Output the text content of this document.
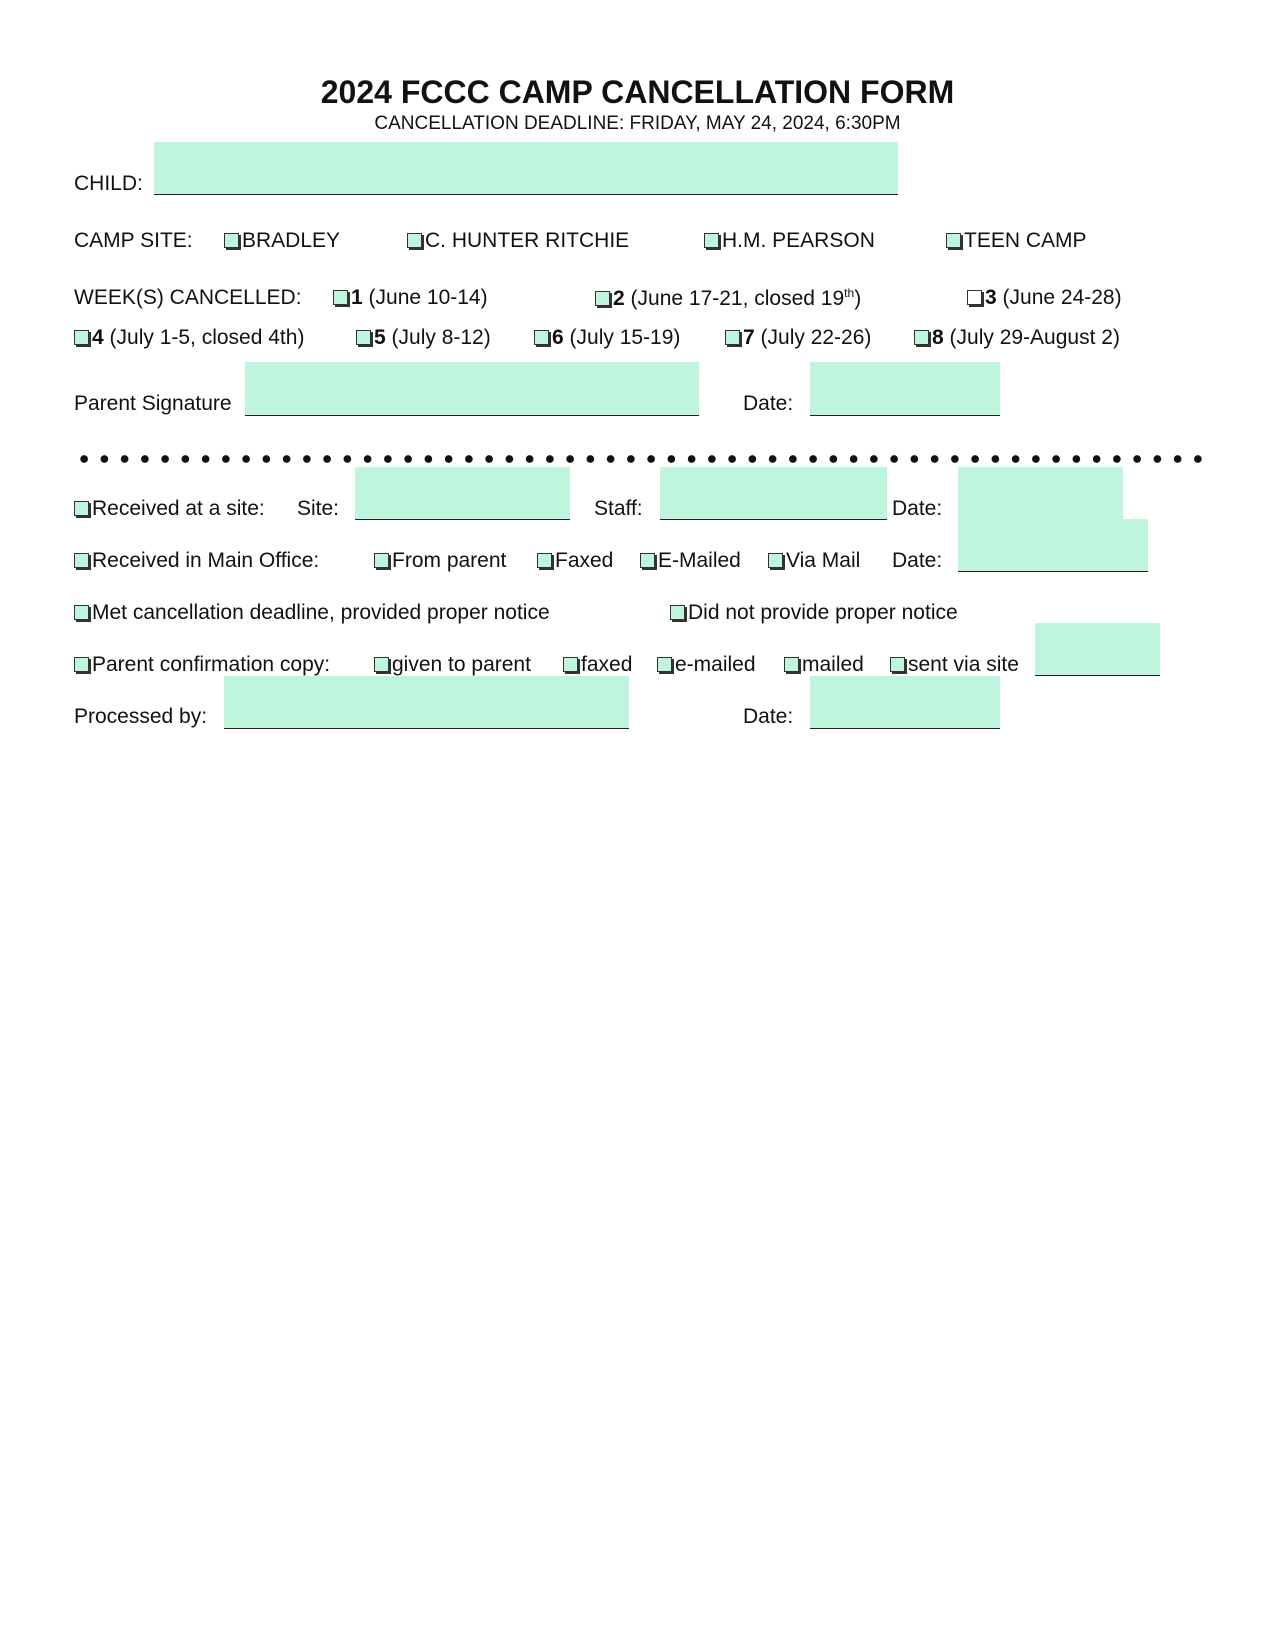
2024 FCCC CAMP CANCELLATION FORM
CANCELLATION DEADLINE: FRIDAY, MAY 24, 2024, 6:30PM
CHILD:
CAMP SITE:	BRADLEY	C. HUNTER RITCHIE	H.M. PEARSON	TEEN CAMP
WEEK(S) CANCELLED:	1 (June 10-14)	2 (June 17-21, closed 19th)	3 (June 24-28)
4 (July 1-5, closed 4th)	5 (July 8-12)	6 (July 15-19)	7 (July 22-26)	8 (July 29-August 2)
Parent Signature	Date:
Received at a site: Site:	Staff:	Date:
Received in Main Office:	From parent	Faxed	E-Mailed	Via Mail Date:
Met cancellation deadline, provided proper notice	Did not provide proper notice
Parent confirmation copy:	given to parent	faxed	e-mailed	mailed	sent via site
Processed by:	Date:
